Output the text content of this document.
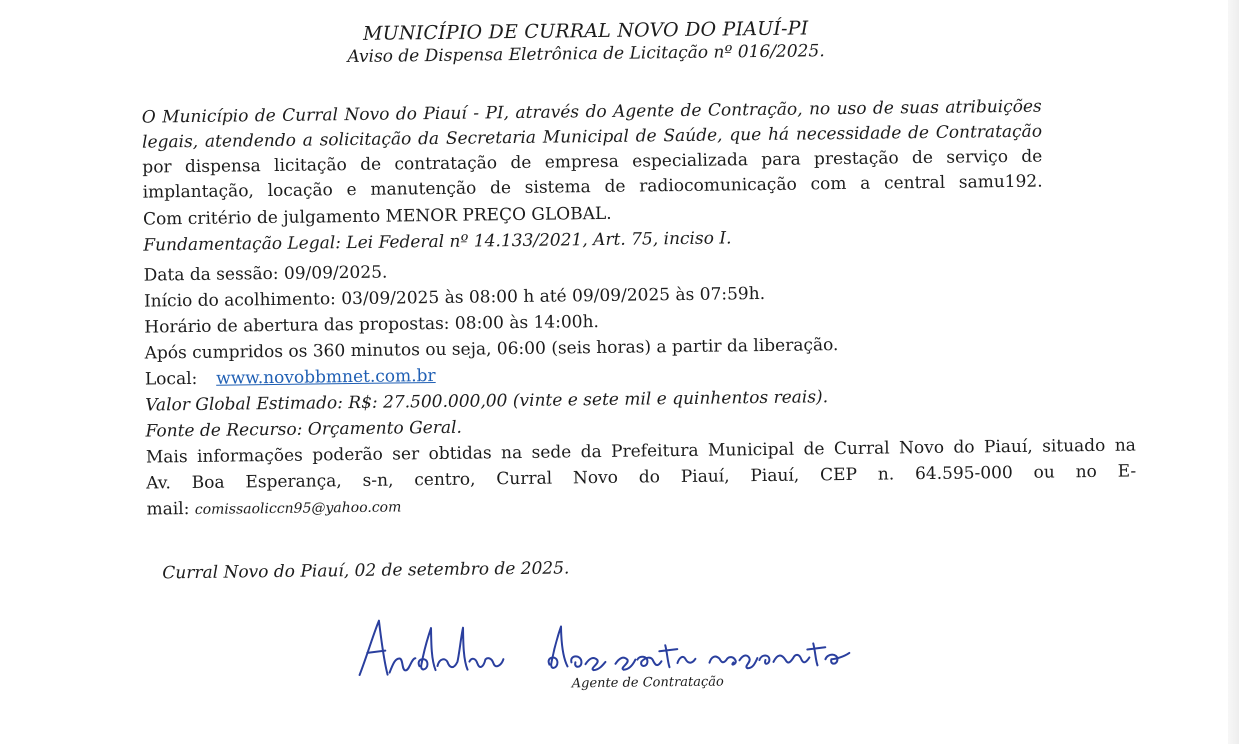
MUNICÍPIO DE CURRAL NOVO DO PIAUÍ-PI
Aviso de Dispensa Eletrônica de Licitação nº 016/2025.
O Município de Curral Novo do Piauí - PI, através do Agente de Contração, no uso de suas atribuições
legais, atendendo a solicitação da Secretaria Municipal de Saúde, que há necessidade de Contratação
por dispensa licitação de contratação de empresa especializada para prestação de serviço de
implantação, locação e manutenção de sistema de radiocomunicação com a central samu192.
Com critério de julgamento MENOR PREÇO GLOBAL.
Fundamentação Legal: Lei Federal nº 14.133/2021, Art. 75, inciso I.
Data da sessão: 09/09/2025.
Início do acolhimento: 03/09/2025 às 08:00 h até 09/09/2025 às 07:59h.
Horário de abertura das propostas: 08:00 às 14:00h.
Após cumpridos os 360 minutos ou seja, 06:00 (seis horas) a partir da liberação.
Local: www.novobbmnet.com.br
Valor Global Estimado: R$: 27.500.000,00 (vinte e sete mil e quinhentos reais).
Fonte de Recurso: Orçamento Geral.
Mais informações poderão ser obtidas na sede da Prefeitura Municipal de Curral Novo do Piauí, situado na
Av. Boa Esperança, s-n, centro, Curral Novo do Piauí, Piauí, CEP n. 64.595-000 ou no E-
mail: comissaoliccn95@yahoo.com
Curral Novo do Piauí, 02 de setembro de 2025.
Agente de Contratação
